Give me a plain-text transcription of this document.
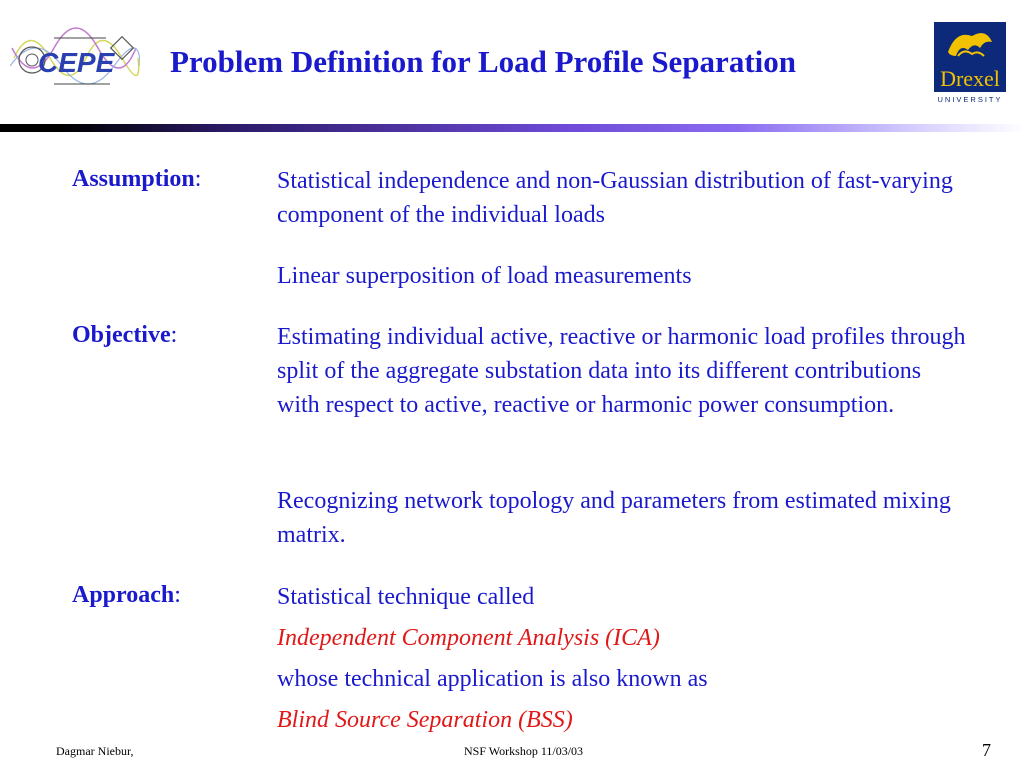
CEPE Problem Definition for Load Profile Separation	Drexel
UNIVERSITY
Assumption:	Statistical independence and non-Gaussian distribution of fast-varying component of the individual loads
Linear superposition of load measurements
Objective:	Estimating individual active, reactive or harmonic load profiles through split of the aggregate substation data into its different contributions with respect to active, reactive or harmonic power consumption.
Recognizing network topology and parameters from estimated mixing matrix.
Approach:	Statistical technique called
Independent Component Analysis (ICA)
whose technical application is also known as
Blind Source Separation (BSS)
Dagmar Niebur,	NSF Workshop 11/03/03	7
